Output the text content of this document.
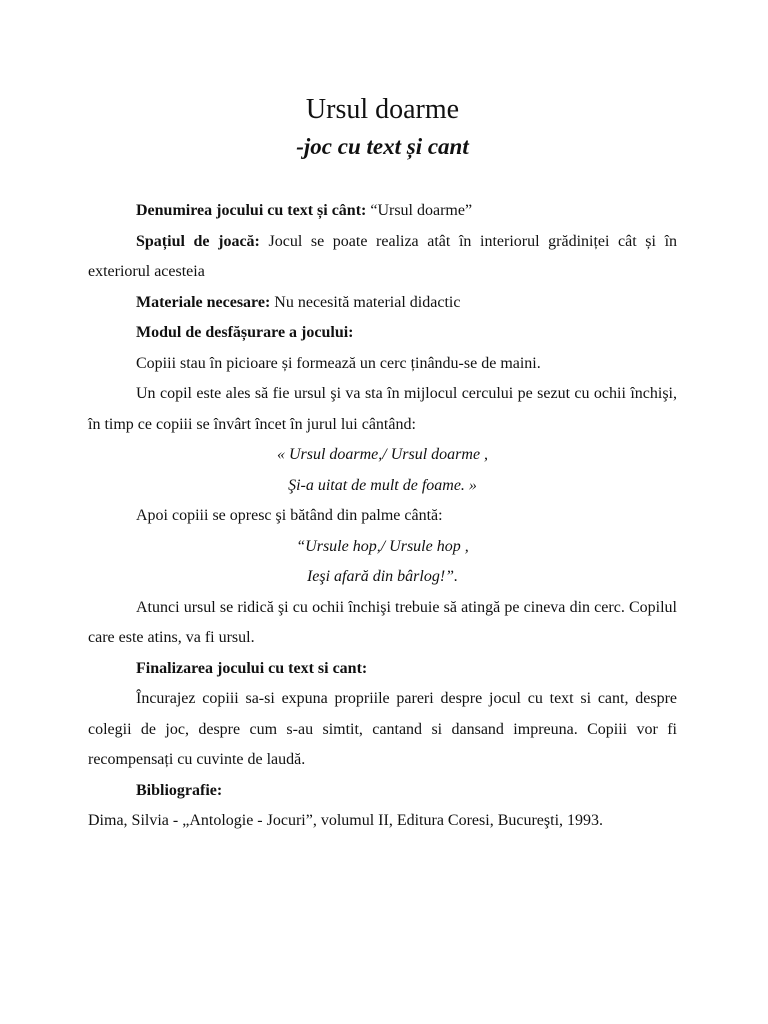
Ursul doarme
-joc cu text și cant

Denumirea jocului cu text și cânt: “Ursul doarme”

Spațiul de joacă: Jocul se poate realiza atât în interiorul grădiniței cât și în exteriorul acesteia

Materiale necesare: Nu necesită material didactic

Modul de desfășurare a jocului:

Copiii stau în picioare și formează un cerc ținându-se de maini.

Un copil este ales să fie ursul şi va sta în mijlocul cercului pe sezut cu ochii închişi, în timp ce copiii se învârt încet în jurul lui cântând:

« Ursul doarme,/ Ursul doarme ,

Şi-a uitat de mult de foame. »

Apoi copiii se opresc şi bătând din palme cântă:

“Ursule hop,/ Ursule hop ,

Ieşi afară din bârlog!”.

Atunci ursul se ridică şi cu ochii închişi trebuie să atingă pe cineva din cerc. Copilul care este atins, va fi ursul.

Finalizarea jocului cu text si cant:

Încurajez copiii sa-si expuna propriile pareri despre jocul cu text si cant, despre colegii de joc, despre cum s-au simtit, cantand si dansand impreuna. Copiii vor fi recompensați cu cuvinte de laudă.

Bibliografie:

Dima, Silvia - „Antologie - Jocuri”, volumul II, Editura Coresi, Bucureşti, 1993.
